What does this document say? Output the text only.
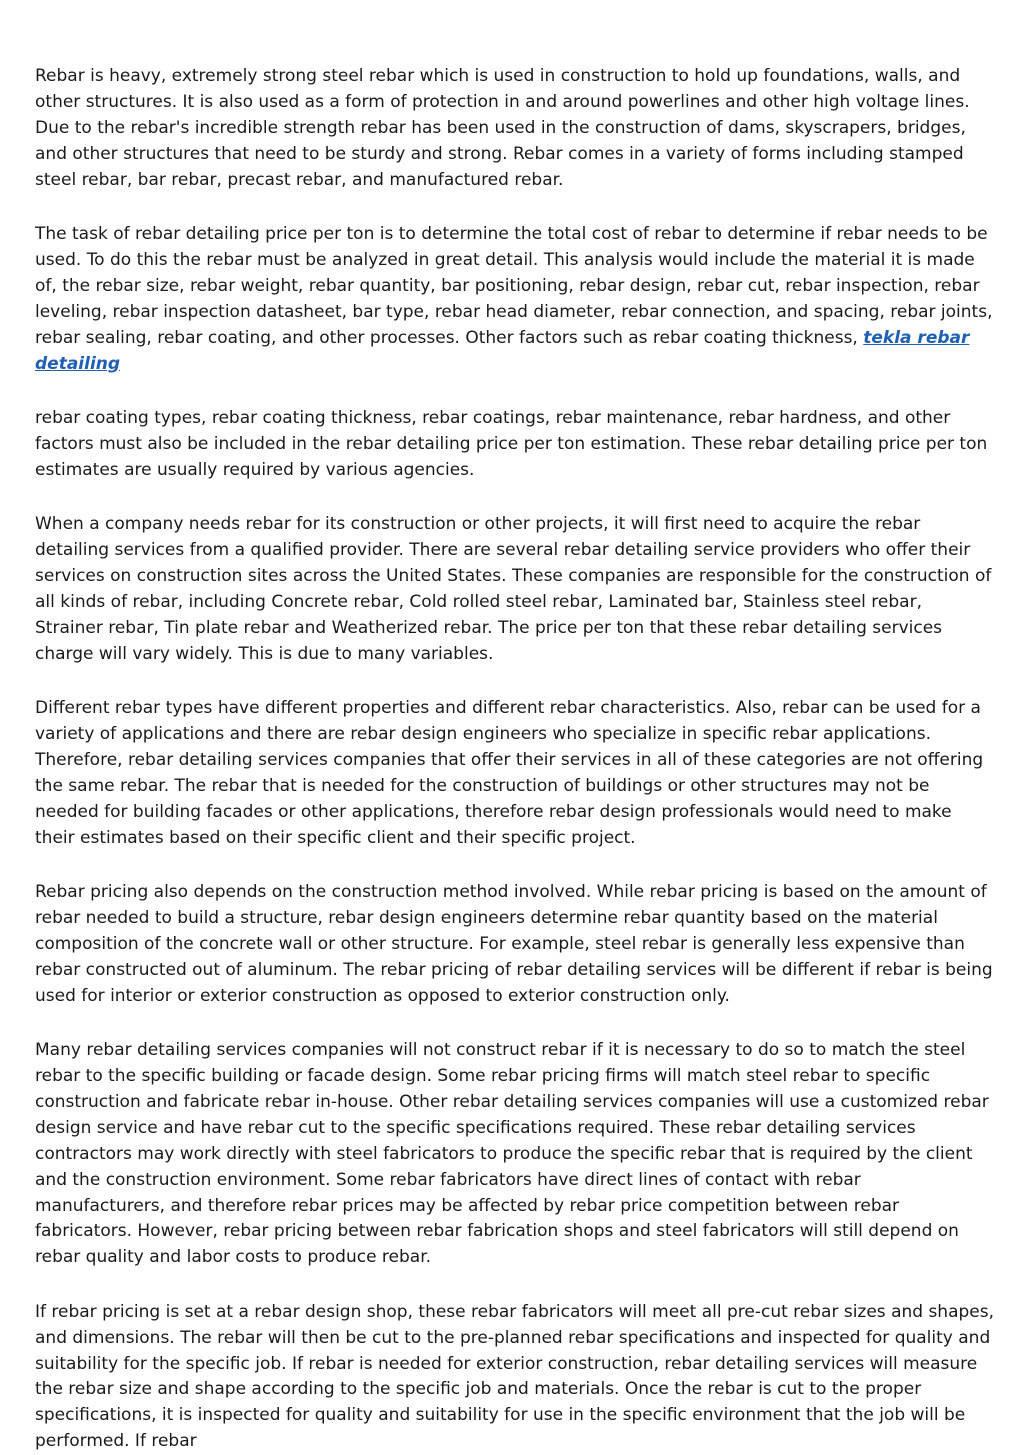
Rebar is heavy, extremely strong steel rebar which is used in construction to hold up foundations, walls, and other structures. It is also used as a form of protection in and around powerlines and other high voltage lines. Due to the rebar's incredible strength rebar has been used in the construction of dams, skyscrapers, bridges, and other structures that need to be sturdy and strong. Rebar comes in a variety of forms including stamped steel rebar, bar rebar, precast rebar, and manufactured rebar.

The task of rebar detailing price per ton is to determine the total cost of rebar to determine if rebar needs to be used. To do this the rebar must be analyzed in great detail. This analysis would include the material it is made of, the rebar size, rebar weight, rebar quantity, bar positioning, rebar design, rebar cut, rebar inspection, rebar leveling, rebar inspection datasheet, bar type, rebar head diameter, rebar connection, and spacing, rebar joints, rebar sealing, rebar coating, and other processes. Other factors such as rebar coating thickness, tekla rebar detailing

rebar coating types, rebar coating thickness, rebar coatings, rebar maintenance, rebar hardness, and other factors must also be included in the rebar detailing price per ton estimation. These rebar detailing price per ton estimates are usually required by various agencies.

When a company needs rebar for its construction or other projects, it will first need to acquire the rebar detailing services from a qualified provider. There are several rebar detailing service providers who offer their services on construction sites across the United States. These companies are responsible for the construction of all kinds of rebar, including Concrete rebar, Cold rolled steel rebar, Laminated bar, Stainless steel rebar, Strainer rebar, Tin plate rebar and Weatherized rebar. The price per ton that these rebar detailing services charge will vary widely. This is due to many variables.

Different rebar types have different properties and different rebar characteristics. Also, rebar can be used for a variety of applications and there are rebar design engineers who specialize in specific rebar applications. Therefore, rebar detailing services companies that offer their services in all of these categories are not offering the same rebar. The rebar that is needed for the construction of buildings or other structures may not be needed for building facades or other applications, therefore rebar design professionals would need to make their estimates based on their specific client and their specific project.

Rebar pricing also depends on the construction method involved. While rebar pricing is based on the amount of rebar needed to build a structure, rebar design engineers determine rebar quantity based on the material composition of the concrete wall or other structure. For example, steel rebar is generally less expensive than rebar constructed out of aluminum. The rebar pricing of rebar detailing services will be different if rebar is being used for interior or exterior construction as opposed to exterior construction only.

Many rebar detailing services companies will not construct rebar if it is necessary to do so to match the steel rebar to the specific building or facade design. Some rebar pricing firms will match steel rebar to specific construction and fabricate rebar in-house. Other rebar detailing services companies will use a customized rebar design service and have rebar cut to the specific specifications required. These rebar detailing services contractors may work directly with steel fabricators to produce the specific rebar that is required by the client and the construction environment. Some rebar fabricators have direct lines of contact with rebar manufacturers, and therefore rebar prices may be affected by rebar price competition between rebar fabricators. However, rebar pricing between rebar fabrication shops and steel fabricators will still depend on rebar quality and labor costs to produce rebar.

If rebar pricing is set at a rebar design shop, these rebar fabricators will meet all pre-cut rebar sizes and shapes, and dimensions. The rebar will then be cut to the pre-planned rebar specifications and inspected for quality and suitability for the specific job. If rebar is needed for exterior construction, rebar detailing services will measure the rebar size and shape according to the specific job and materials. Once the rebar is cut to the proper specifications, it is inspected for quality and suitability for use in the specific environment that the job will be performed. If rebar
